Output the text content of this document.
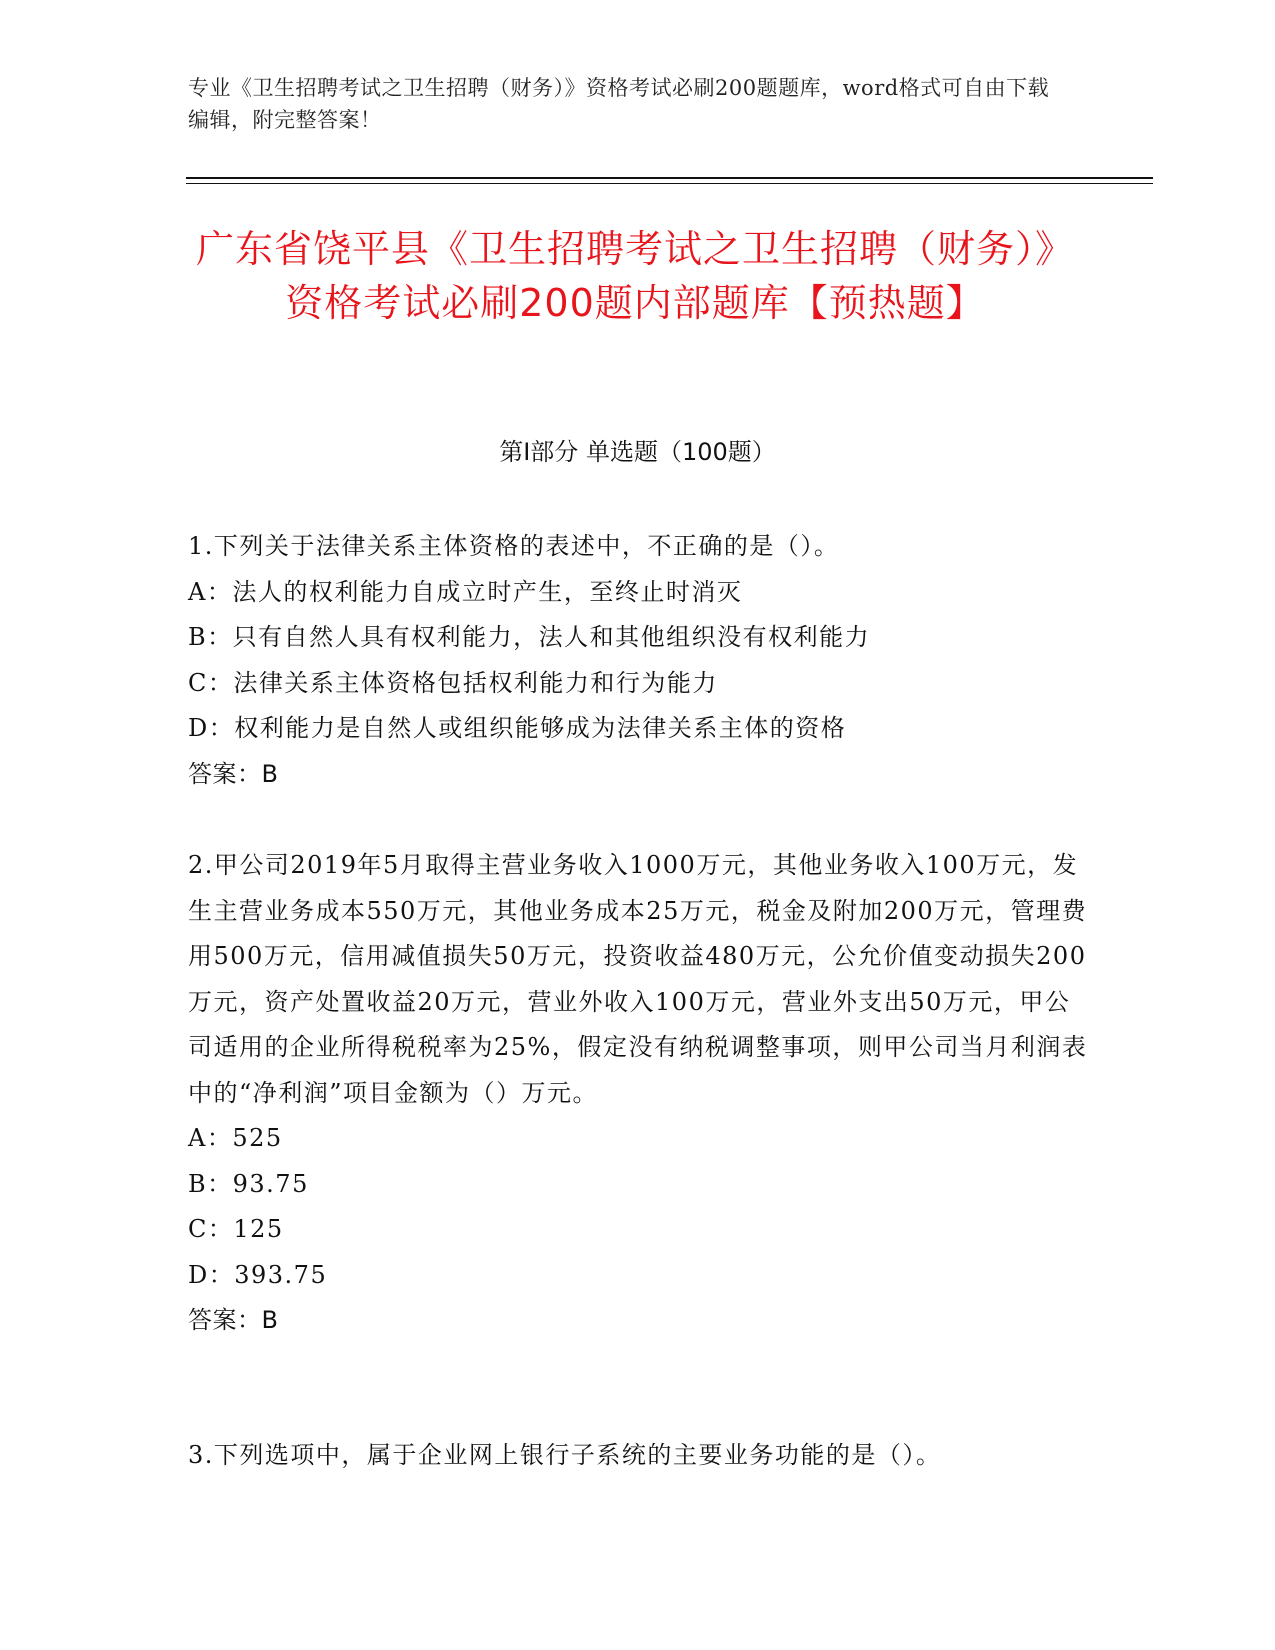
专业《卫生招聘考试之卫生招聘（财务）》资格考试必刷200题题库，word格式可自由下载编辑，附完整答案！
广东省饶平县《卫生招聘考试之卫生招聘（财务）》资格考试必刷200题内部题库【预热题】
第I部分 单选题（100题）
1.下列关于法律关系主体资格的表述中，不正确的是（）。
A：法人的权利能力自成立时产生，至终止时消灭
B：只有自然人具有权利能力，法人和其他组织没有权利能力
C：法律关系主体资格包括权利能力和行为能力
D：权利能力是自然人或组织能够成为法律关系主体的资格
答案：B
2.甲公司2019年5月取得主营业务收入1000万元，其他业务收入100万元，发生主营业务成本550万元，其他业务成本25万元，税金及附加200万元，管理费用500万元，信用减值损失50万元，投资收益480万元，公允价值变动损失200万元，资产处置收益20万元，营业外收入100万元，营业外支出50万元，甲公司适用的企业所得税税率为25%，假定没有纳税调整事项，则甲公司当月利润表中的“净利润”项目金额为（）万元。
A：525
B：93.75
C：125
D：393.75
答案：B
3.下列选项中，属于企业网上银行子系统的主要业务功能的是（）。
